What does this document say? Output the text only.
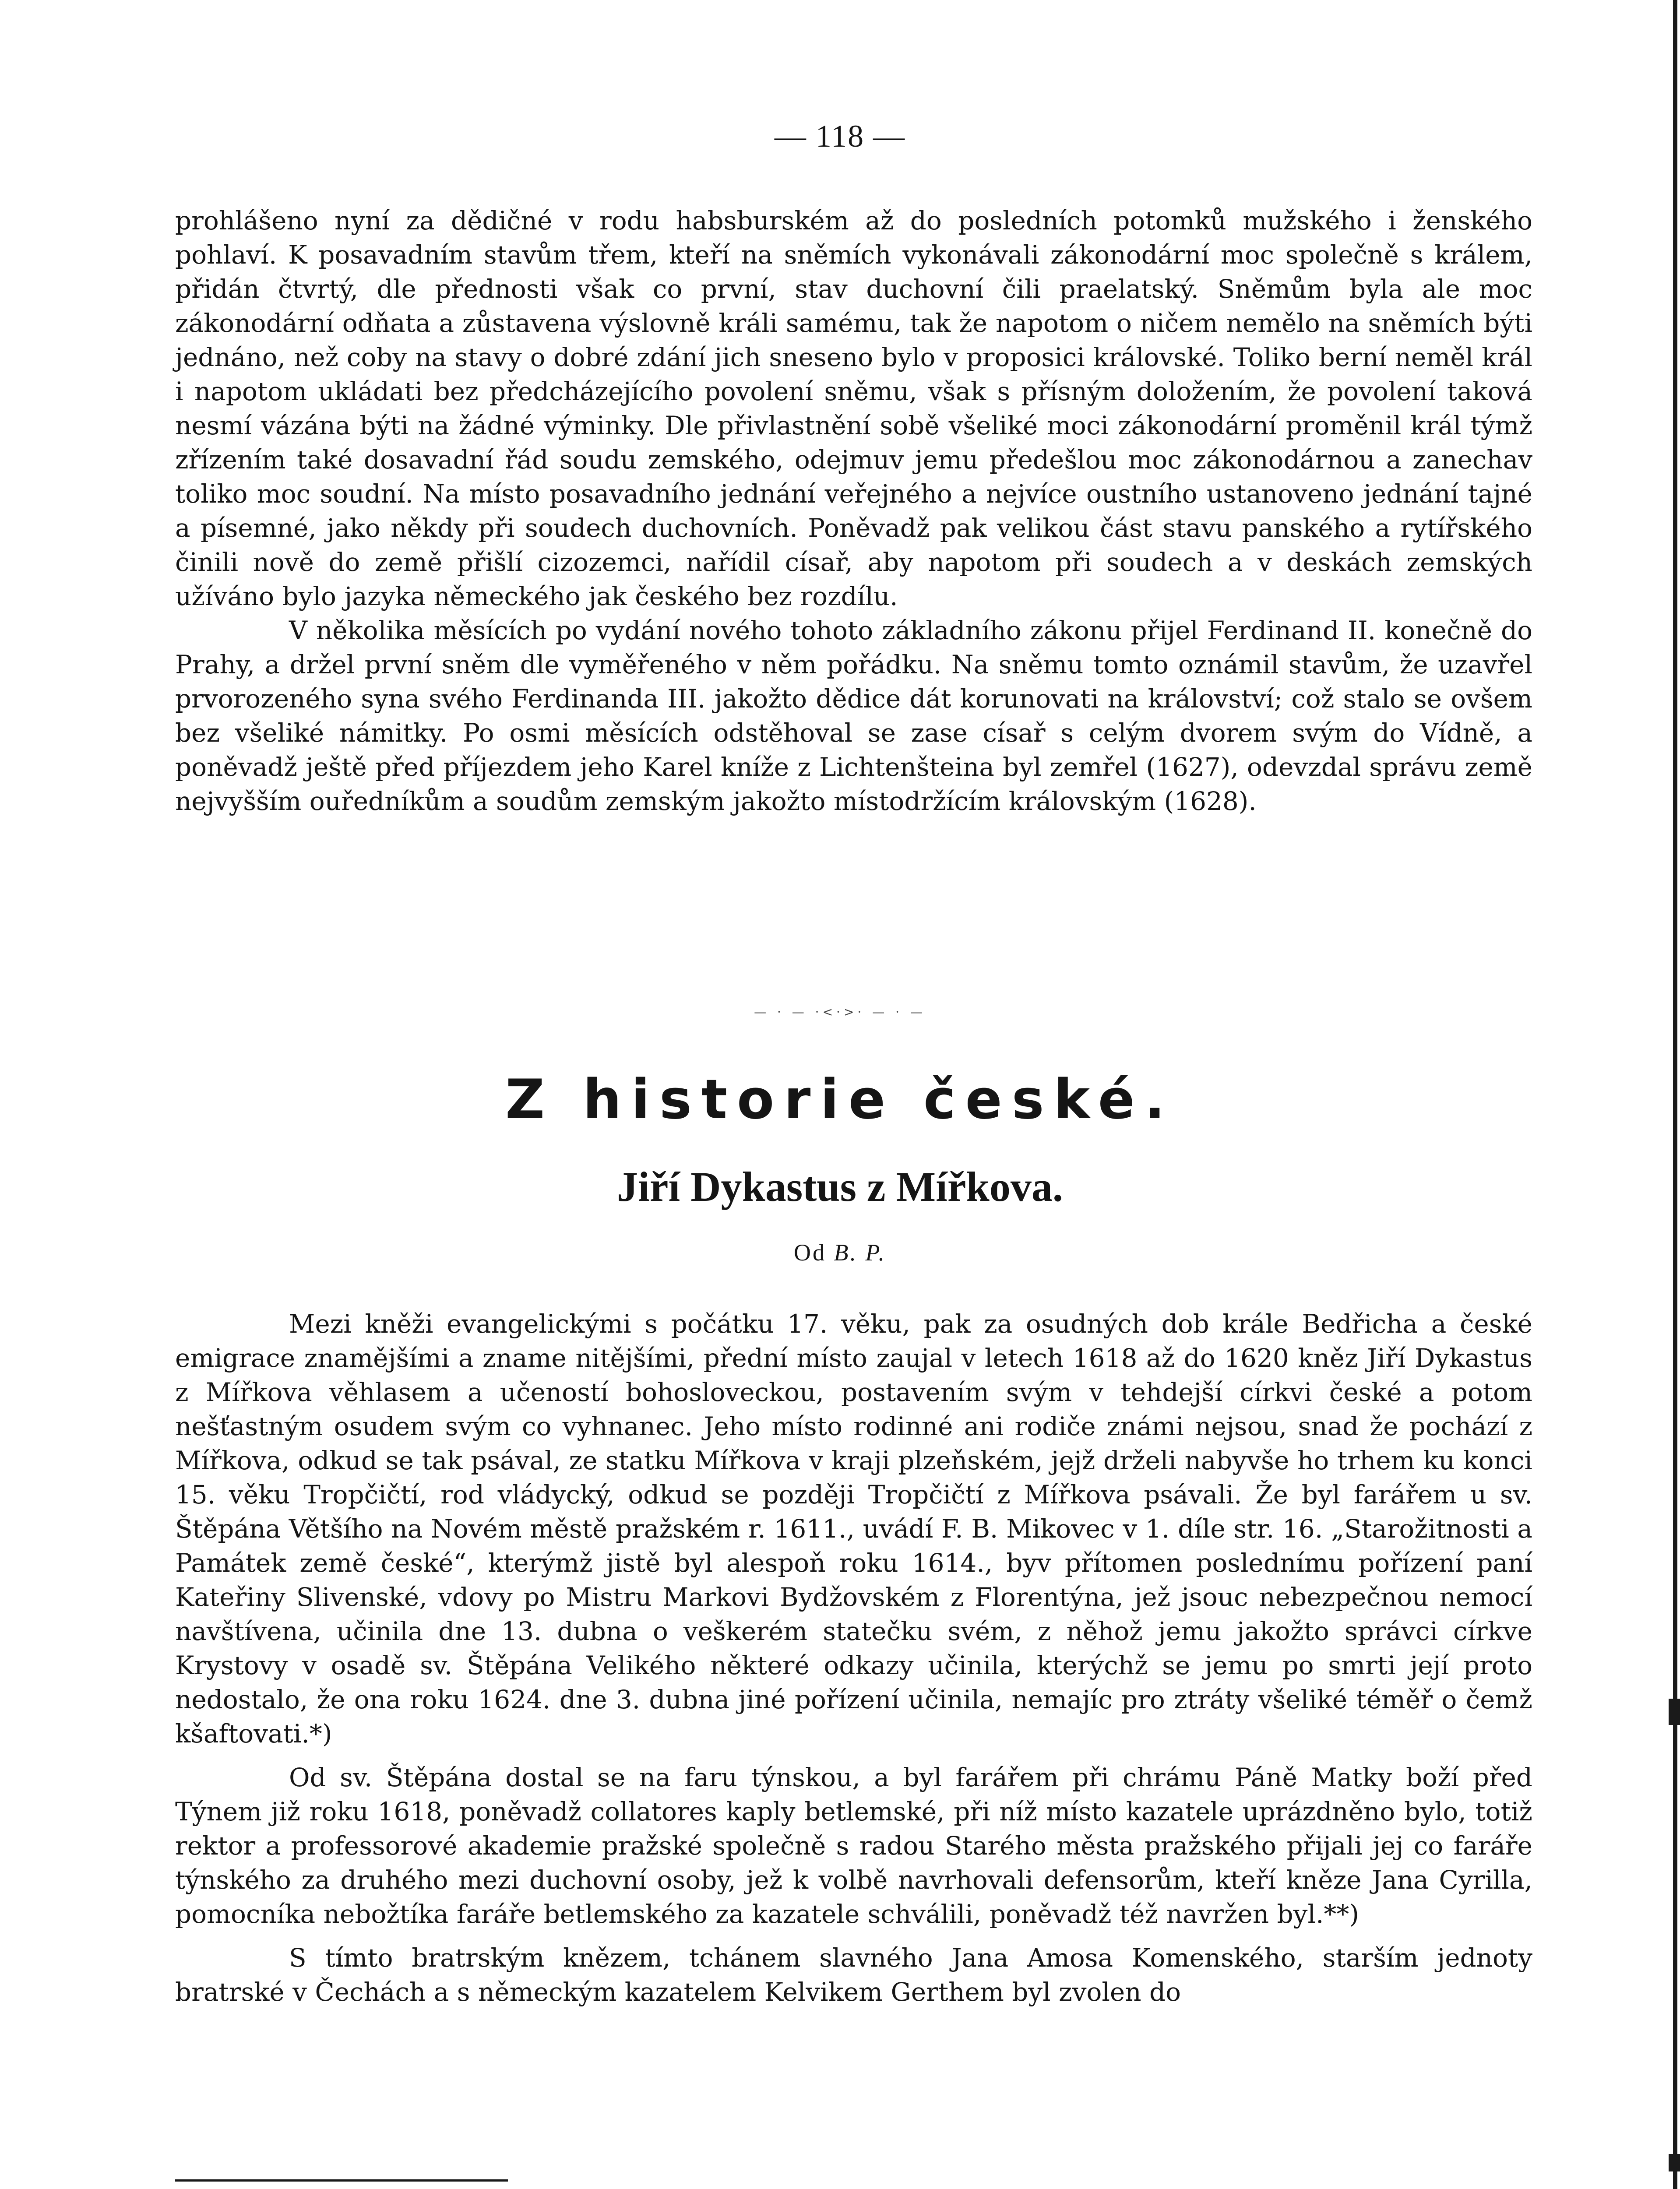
— 118 —

prohlášeno nyní za dědičné v rodu habsburském až do posledních potomků mužského i ženského pohlaví. K posavadním stavům třem, kteří na sněmích vykonávali zákonodární moc společně s králem, přidán čtvrtý, dle přednosti však co první, stav duchovní čili praelatský. Sněmům byla ale moc zákonodární odňata a zůstavena výslovně králi samému, tak že napotom o ničem nemělo na sněmích býti jednáno, než coby na stavy o dobré zdání jich sneseno bylo v proposici královské. Toliko berní neměl král i napotom ukládati bez předcházejícího povolení sněmu, však s přísným doložením, že povolení taková nesmí vázána býti na žádné výminky. Dle přivlastnění sobě všeliké moci zákonodární proměnil král týmž zřízením také dosavadní řád soudu zemského, odejmuv jemu předešlou moc zákonodárnou a zanechav toliko moc soudní. Na místo posavadního jednání veřejného a nejvíce oustního ustanoveno jednání tajné a písemné, jako někdy při soudech duchovních. Poněvadž pak velikou část stavu panského a rytířského činili nově do země přišlí cizozemci, nařídil císař, aby napotom při soudech a v deskách zemských užíváno bylo jazyka německého jak českého bez rozdílu.

V několika měsících po vydání nového tohoto základního zákonu přijel Ferdinand II. konečně do Prahy, a držel první sněm dle vyměřeného v něm pořádku. Na sněmu tomto oznámil stavům, že uzavřel prvorozeného syna svého Ferdinanda III. jakožto dědice dát korunovati na království; což stalo se ovšem bez všeliké námitky. Po osmi měsících odstěhoval se zase císař s celým dvorem svým do Vídně, a poněvadž ještě před příjezdem jeho Karel kníže z Lichtenšteina byl zemřel (1627), odevzdal správu země nejvyšším ouředníkům a soudům zemským jakožto místodržícím královským (1628).

— · — ·<·>· — · —
Z historie české.
Jiří Dykastus z Mířkova.
Od B. P.

Mezi kněži evangelickými s počátku 17. věku, pak za osudných dob krále Bedřicha a české emigrace znamějšími a zname nitějšími, přední místo zaujal v letech 1618 až do 1620 kněz Jiří Dykastus z Mířkova věhlasem a učeností bohosloveckou, postavením svým v tehdejší církvi české a potom nešťastným osudem svým co vyhnanec. Jeho místo rodinné ani rodiče známi nejsou, snad že pochází z Mířkova, odkud se tak psával, ze statku Mířkova v kraji plzeňském, jejž drželi nabyvše ho trhem ku konci 15. věku Tropčičtí, rod vládycký, odkud se později Tropčičtí z Mířkova psávali. Že byl farářem u sv. Štěpána Většího na Novém městě pražském r. 1611., uvádí F. B. Mikovec v 1. díle str. 16. „Starožitnosti a Památek země české“, kterýmž jistě byl alespoň roku 1614., byv přítomen poslednímu pořízení paní Kateřiny Slivenské, vdovy po Mistru Markovi Bydžovském z Florentýna, jež jsouc nebezpečnou nemocí navštívena, učinila dne 13. dubna o veškerém statečku svém, z něhož jemu jakožto správci církve Krystovy v osadě sv. Štěpána Velikého některé odkazy učinila, kterýchž se jemu po smrti její proto nedostalo, že ona roku 1624. dne 3. dubna jiné pořízení učinila, nemajíc pro ztráty všeliké téměř o čemž kšaftovati.*)

Od sv. Štěpána dostal se na faru týnskou, a byl farářem při chrámu Páně Matky boží před Týnem již roku 1618, poněvadž collatores kaply betlemské, při níž místo kazatele uprázdněno bylo, totiž rektor a professorové akademie pražské společně s radou Starého města pražského přijali jej co faráře týnského za druhého mezi duchovní osoby, jež k volbě navrhovali defensorům, kteří kněze Jana Cyrilla, pomocníka nebožtíka faráře betlemského za kazatele schválili, poněvadž též navržen byl.**)

S tímto bratrským knězem, tchánem slavného Jana Amosa Komenského, starším jednoty bratrské v Čechách a s německým kazatelem Kelvikem Gerthem byl zvolen do
